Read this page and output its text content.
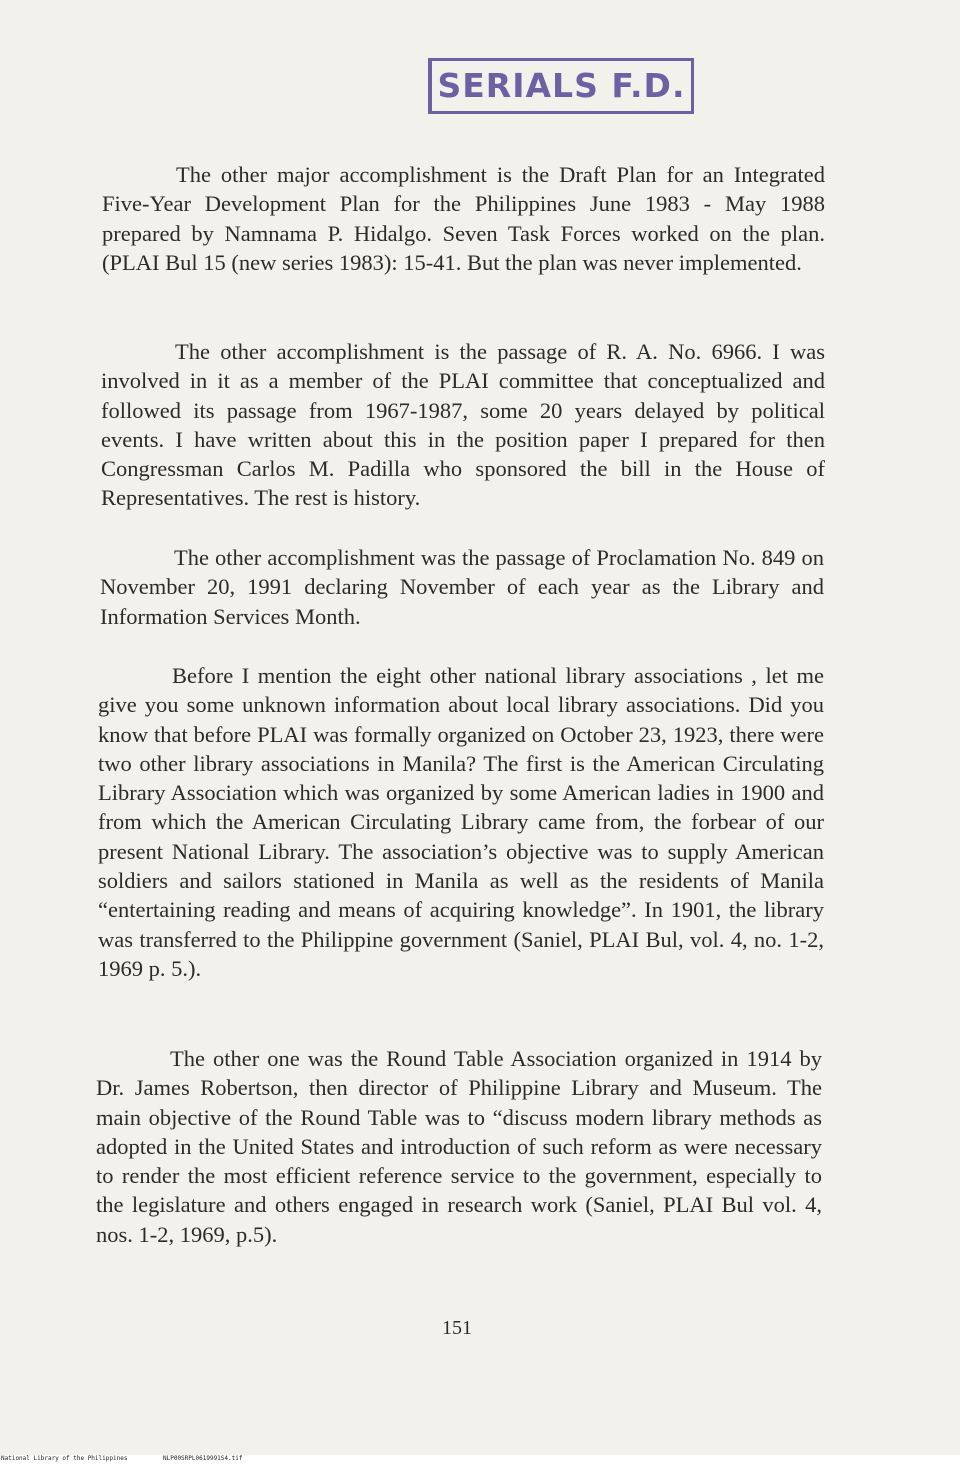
SERIALS F.D.

The other major accomplishment is the Draft Plan for an Integrated Five-Year Development Plan for the Philippines June 1983 - May 1988 prepared by Namnama P. Hidalgo. Seven Task Forces worked on the plan. (PLAI Bul 15 (new series 1983): 15-41. But the plan was never implemented.

The other accomplishment is the passage of R. A. No. 6966. I was involved in it as a member of the PLAI committee that conceptualized and followed its passage from 1967-1987, some 20 years delayed by political events. I have written about this in the position paper I prepared for then Congressman Carlos M. Padilla who sponsored the bill in the House of Representatives. The rest is history.

The other accomplishment was the passage of Proclamation No. 849 on November 20, 1991 declaring November of each year as the Library and Information Services Month.

Before I mention the eight other national library associations , let me give you some unknown information about local library associations. Did you know that before PLAI was formally organized on October 23, 1923, there were two other library associations in Manila? The first is the American Circulating Library Association which was organized by some American ladies in 1900 and from which the American Circulating Library came from, the forbear of our present National Library. The association’s objective was to supply American soldiers and sailors stationed in Manila as well as the residents of Manila “entertaining reading and means of acquiring knowledge”. In 1901, the library was transferred to the Philippine government (Saniel, PLAI Bul, vol. 4, no. 1-2, 1969 p. 5.).

The other one was the Round Table Association organized in 1914 by Dr. James Robertson, then director of Philippine Library and Museum. The main objective of the Round Table was to “discuss modern library methods as adopted in the United States and introduction of such reform as were necessary to render the most efficient reference service to the government, especially to the legislature and others engaged in research work (Saniel, PLAI Bul vol. 4, nos. 1-2, 1969, p.5).

151

National Library of the Philippines

	NLP00SRPL0619991S4.tif
